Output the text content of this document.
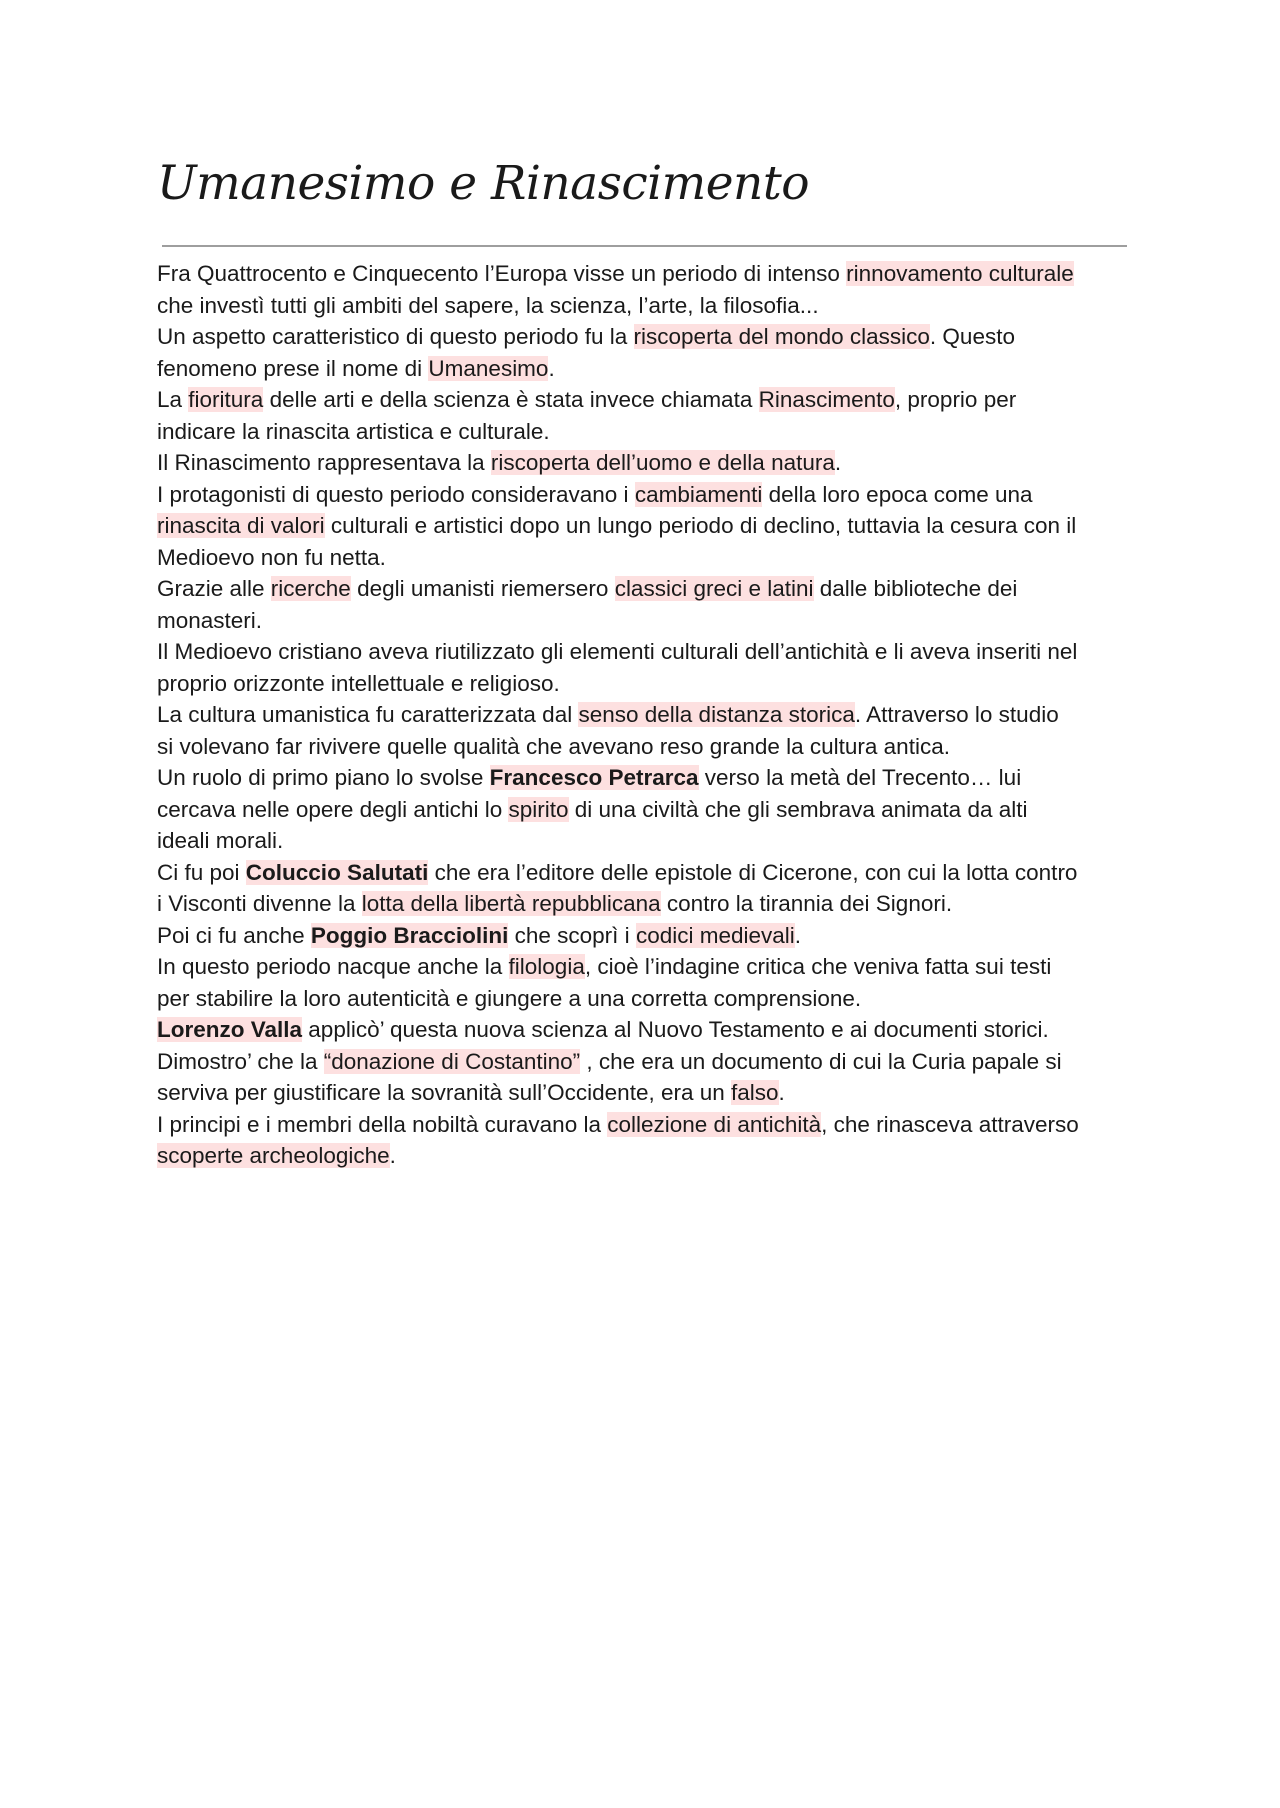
Umanesimo e Rinascimento
Fra Quattrocento e Cinquecento l’Europa visse un periodo di intenso rinnovamento culturale
che investì tutti gli ambiti del sapere, la scienza, l’arte, la filosofia...
Un aspetto caratteristico di questo periodo fu la riscoperta del mondo classico. Questo
fenomeno prese il nome di Umanesimo.
La fioritura delle arti e della scienza è stata invece chiamata Rinascimento, proprio per
indicare la rinascita artistica e culturale.
Il Rinascimento rappresentava la riscoperta dell’uomo e della natura.
I protagonisti di questo periodo consideravano i cambiamenti della loro epoca come una
rinascita di valori culturali e artistici dopo un lungo periodo di declino, tuttavia la cesura con il
Medioevo non fu netta.
Grazie alle ricerche degli umanisti riemersero classici greci e latini dalle biblioteche dei
monasteri.
Il Medioevo cristiano aveva riutilizzato gli elementi culturali dell’antichità e li aveva inseriti nel
proprio orizzonte intellettuale e religioso.
La cultura umanistica fu caratterizzata dal senso della distanza storica. Attraverso lo studio
si volevano far rivivere quelle qualità che avevano reso grande la cultura antica.
Un ruolo di primo piano lo svolse Francesco Petrarca verso la metà del Trecento… lui
cercava nelle opere degli antichi lo spirito di una civiltà che gli sembrava animata da alti
ideali morali.
Ci fu poi Coluccio Salutati che era l’editore delle epistole di Cicerone, con cui la lotta contro
i Visconti divenne la lotta della libertà repubblicana contro la tirannia dei Signori.
Poi ci fu anche Poggio Bracciolini che scoprì i codici medievali.
In questo periodo nacque anche la filologia, cioè l’indagine critica che veniva fatta sui testi
per stabilire la loro autenticità e giungere a una corretta comprensione.
Lorenzo Valla applicò’ questa nuova scienza al Nuovo Testamento e ai documenti storici.
Dimostro’ che la “donazione di Costantino” , che era un documento di cui la Curia papale si
serviva per giustificare la sovranità sull’Occidente, era un falso.
I principi e i membri della nobiltà curavano la collezione di antichità, che rinasceva attraverso
scoperte archeologiche.
